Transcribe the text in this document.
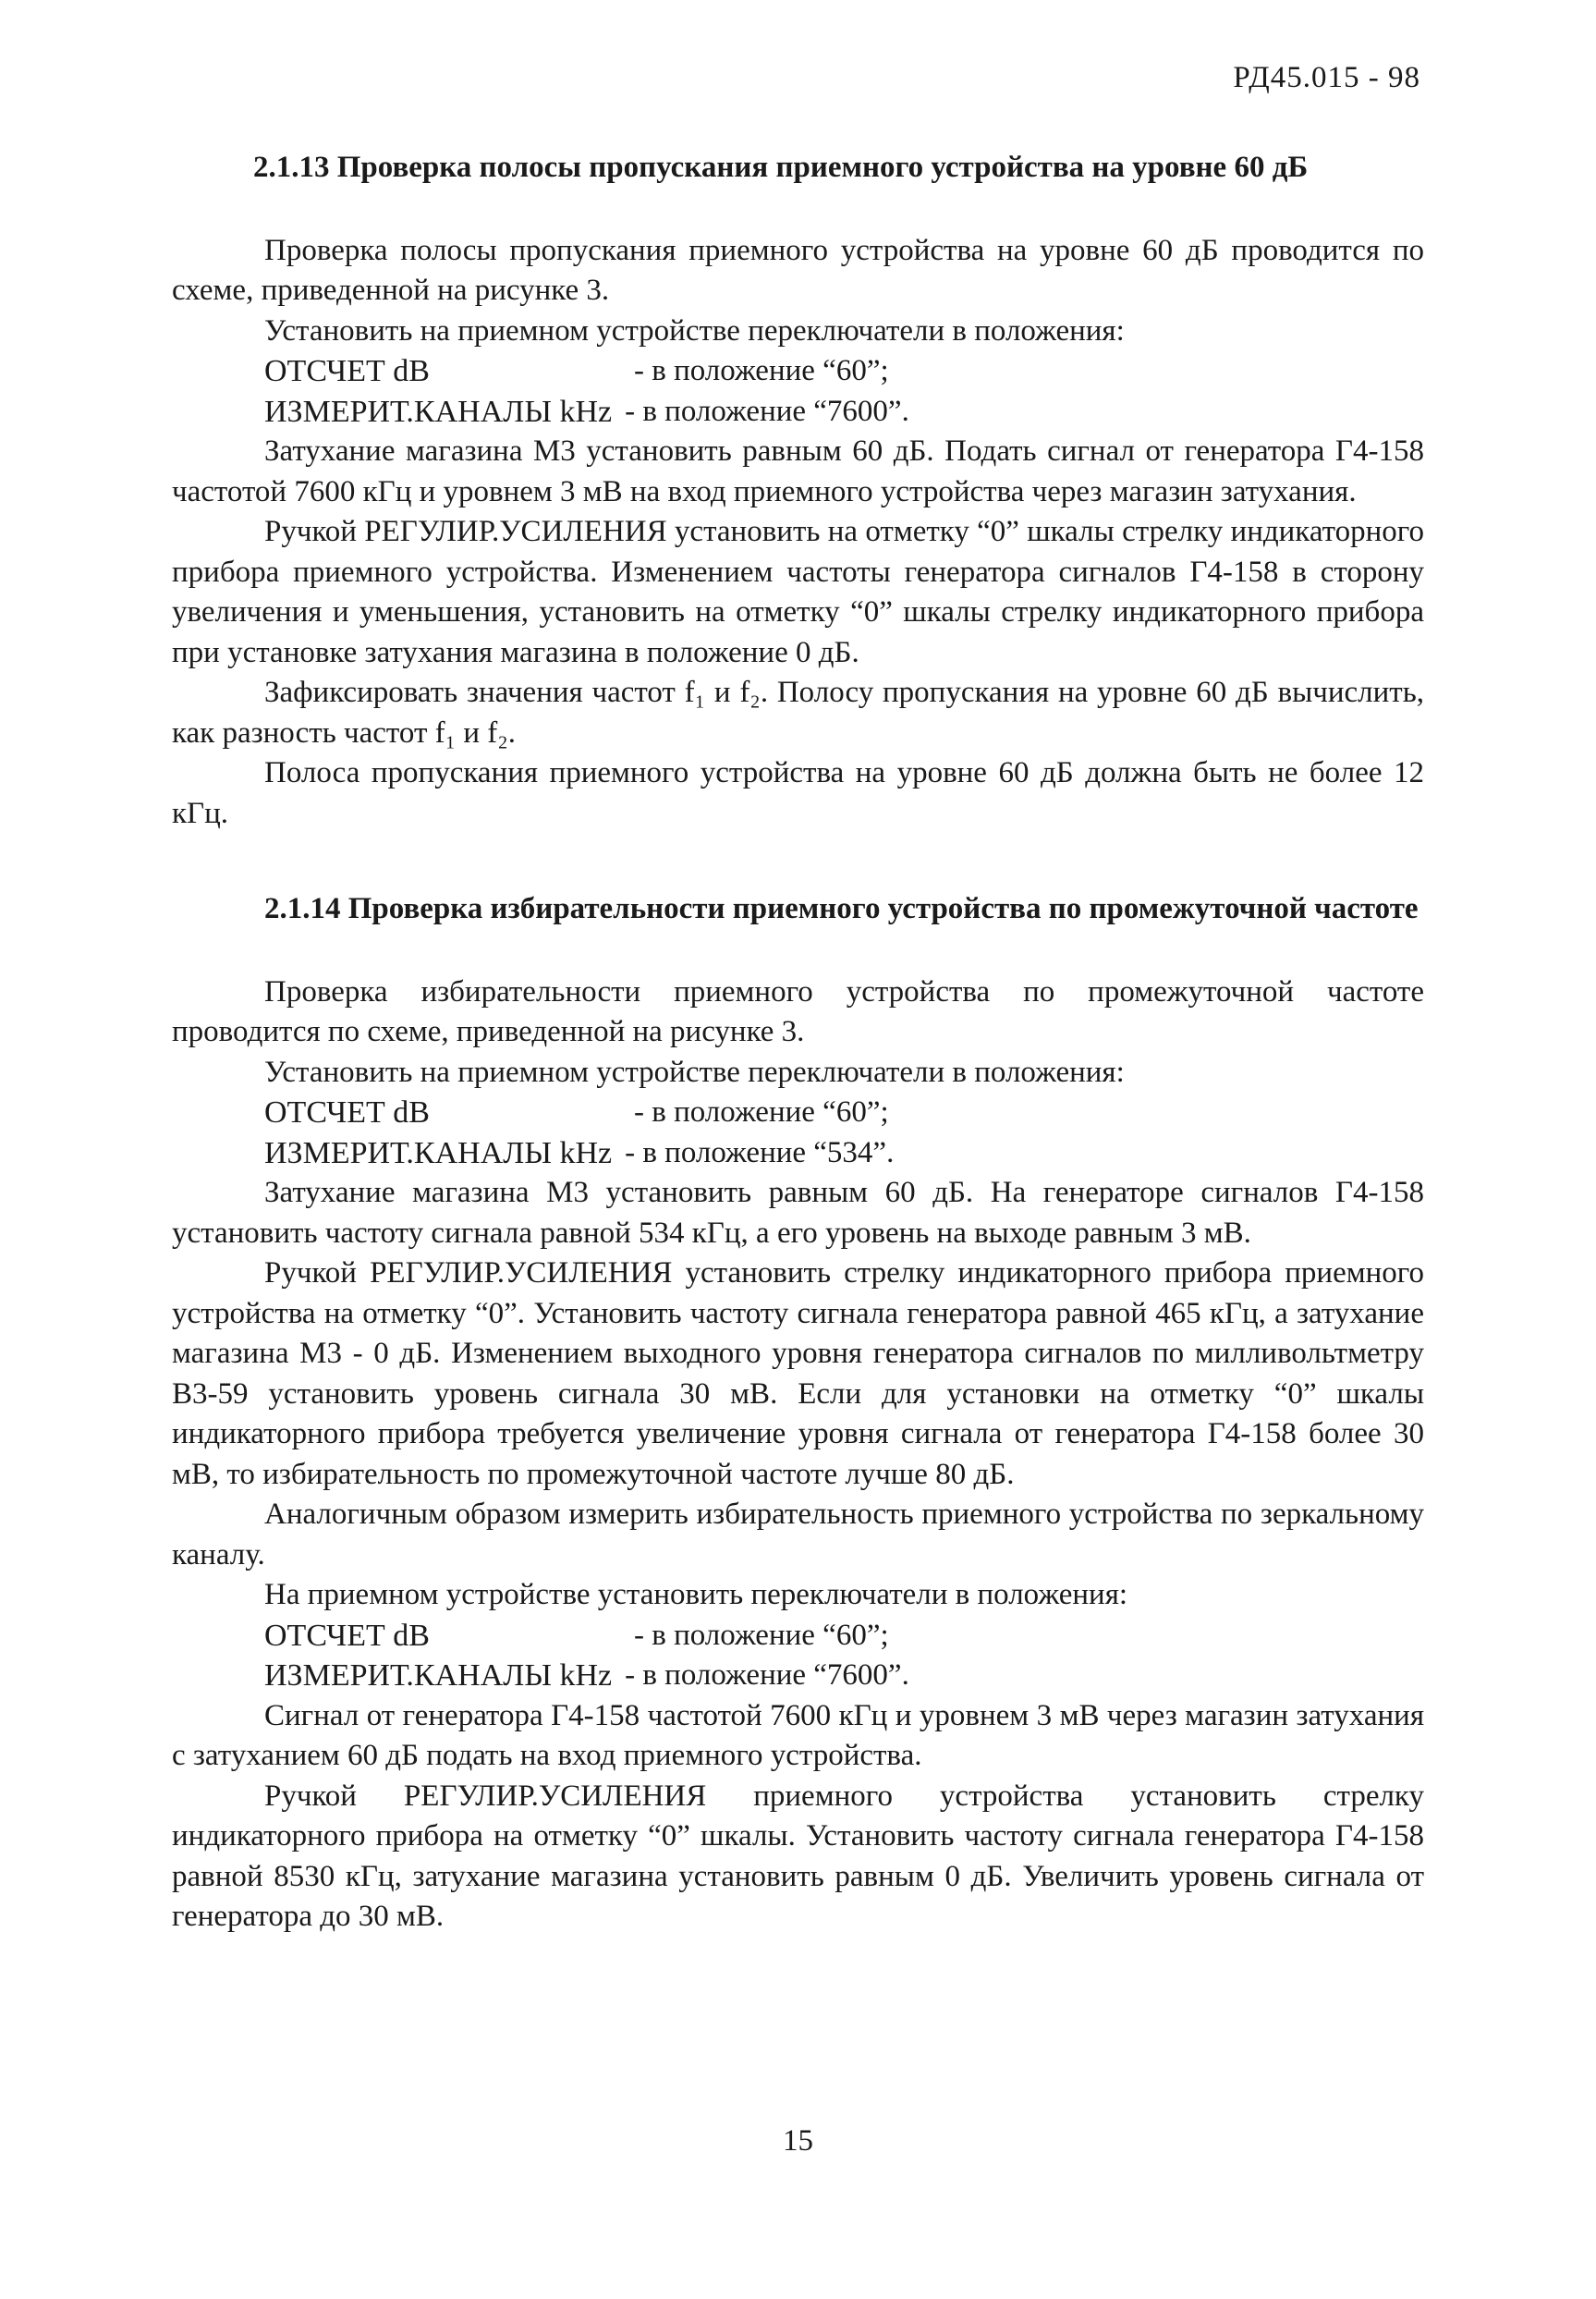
РД45.015 - 98

2.1.13 Проверка полосы пропускания приемного устройства на уровне 60 дБ

Проверка полосы пропускания приемного устройства на уровне 60 дБ проводится по схеме, приведенной на рисунке 3.

Установить на приемном устройстве переключатели в положения:

ОТСЧЕТ dB	- в положение “60”;

ИЗМЕРИТ.КАНАЛЫ kHz - в положение “7600”.

Затухание магазина М3 установить равным 60 дБ. Подать сигнал от генератора Г4-158 частотой 7600 кГц и уровнем 3 мВ на вход приемного устройства через магазин затухания.

Ручкой РЕГУЛИР.УСИЛЕНИЯ установить на отметку “0” шкалы стрелку индикаторного прибора приемного устройства. Изменением частоты генератора сигналов Г4-158 в сторону увеличения и уменьшения, установить на отметку “0” шкалы стрелку индикаторного прибора при установке затухания магазина в положение 0 дБ.

Зафиксировать значения частот f₁ и f₂. Полосу пропускания на уровне 60 дБ вычислить, как разность частот f₁ и f₂.

Полоса пропускания приемного устройства на уровне 60 дБ должна быть не более 12 кГц.

2.1.14 Проверка избирательности приемного устройства по промежуточной частоте

Проверка избирательности приемного устройства по промежуточной частоте проводится по схеме, приведенной на рисунке 3.

Установить на приемном устройстве переключатели в положения:

ОТСЧЕТ dB	- в положение “60”;

ИЗМЕРИТ.КАНАЛЫ kHz - в положение “534”.

Затухание магазина М3 установить равным 60 дБ. На генераторе сигналов Г4-158 установить частоту сигнала равной 534 кГц, а его уровень на выходе равным 3 мВ.

Ручкой РЕГУЛИР.УСИЛЕНИЯ установить стрелку индикаторного прибора приемного устройства на отметку “0”. Установить частоту сигнала генератора равной 465 кГц, а затухание магазина М3 - 0 дБ. Изменением выходного уровня генератора сигналов по милливольтметру В3-59 установить уровень сигнала 30 мВ. Если для установки на отметку “0” шкалы индикаторного прибора требуется увеличение уровня сигнала от генератора Г4-158 более 30 мВ, то избирательность по промежуточной частоте лучше 80 дБ.

Аналогичным образом измерить избирательность приемного устройства по зеркальному каналу.

На приемном устройстве установить переключатели в положения:

ОТСЧЕТ dB	- в положение “60”;

ИЗМЕРИТ.КАНАЛЫ kHz - в положение “7600”.

Сигнал от генератора Г4-158 частотой 7600 кГц и уровнем 3 мВ через магазин затухания с затуханием 60 дБ подать на вход приемного устройства.

Ручкой РЕГУЛИР.УСИЛЕНИЯ приемного устройства установить стрелку индикаторного прибора на отметку “0” шкалы. Установить частоту сигнала генератора Г4-158 равной 8530 кГц, затухание магазина установить равным 0 дБ. Увеличить уровень сигнала от генератора до 30 мВ.

15
